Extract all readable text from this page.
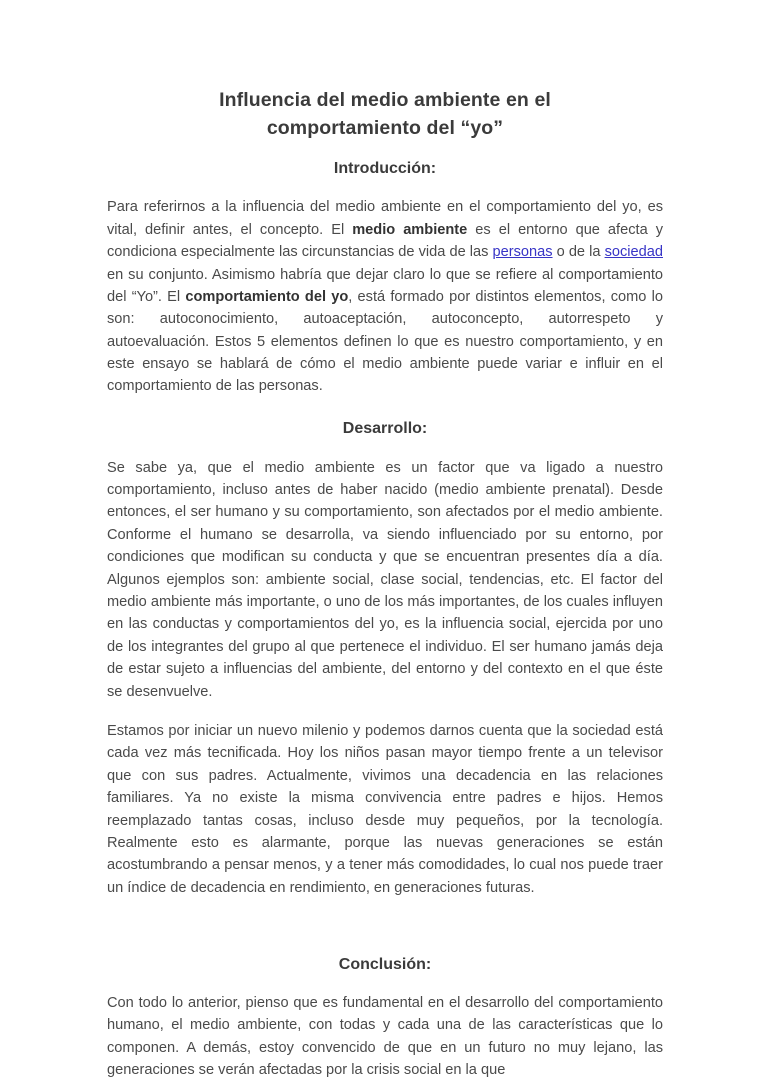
Influencia del medio ambiente en el
comportamiento del “yo”
Introducción:

Para referirnos a la influencia del medio ambiente en el comportamiento del yo, es vital, definir antes, el concepto. El medio ambiente es el entorno que afecta y condiciona especialmente las circunstancias de vida de las personas o de la sociedad en su conjunto. Asimismo habría que dejar claro lo que se refiere al comportamiento del “Yo”. El comportamiento del yo, está formado por distintos elementos, como lo son: autoconocimiento, autoaceptación, autoconcepto, autorrespeto y autoevaluación. Estos 5 elementos definen lo que es nuestro comportamiento, y en este ensayo se hablará de cómo el medio ambiente puede variar e influir en el comportamiento de las personas.

Desarrollo:

Se sabe ya, que el medio ambiente es un factor que va ligado a nuestro comportamiento, incluso antes de haber nacido (medio ambiente prenatal). Desde entonces, el ser humano y su comportamiento, son afectados por el medio ambiente. Conforme el humano se desarrolla, va siendo influenciado por su entorno, por condiciones que modifican su conducta y que se encuentran presentes día a día. Algunos ejemplos son: ambiente social, clase social, tendencias, etc. El factor del medio ambiente más importante, o uno de los más importantes, de los cuales influyen en las conductas y comportamientos del yo, es la influencia social, ejercida por uno de los integrantes del grupo al que pertenece el individuo. El ser humano jamás deja de estar sujeto a influencias del ambiente, del entorno y del contexto en el que éste se desenvuelve.

Estamos por iniciar un nuevo milenio y podemos darnos cuenta que la sociedad está cada vez más tecnificada. Hoy los niños pasan mayor tiempo frente a un televisor que con sus padres. Actualmente, vivimos una decadencia en las relaciones familiares. Ya no existe la misma convivencia entre padres e hijos. Hemos reemplazado tantas cosas, incluso desde muy pequeños, por la tecnología. Realmente esto es alarmante, porque las nuevas generaciones se están acostumbrando a pensar menos, y a tener más comodidades, lo cual nos puede traer un índice de decadencia en rendimiento, en generaciones futuras.

Conclusión:

Con todo lo anterior, pienso que es fundamental en el desarrollo del comportamiento humano, el medio ambiente, con todas y cada una de las características que lo componen. A demás, estoy convencido de que en un futuro no muy lejano, las generaciones se verán afectadas por la crisis social en la que
